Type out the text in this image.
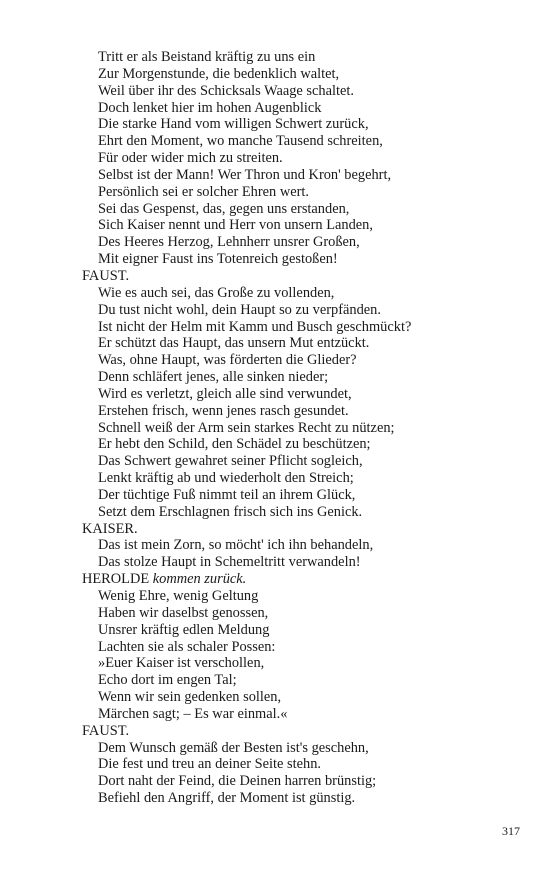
Tritt er als Beistand kräftig zu uns ein
Zur Morgenstunde, die bedenklich waltet,
Weil über ihr des Schicksals Waage schaltet.
Doch lenket hier im hohen Augenblick
Die starke Hand vom willigen Schwert zurück,
Ehrt den Moment, wo manche Tausend schreiten,
Für oder wider mich zu streiten.
Selbst ist der Mann! Wer Thron und Kron' begehrt,
Persönlich sei er solcher Ehren wert.
Sei das Gespenst, das, gegen uns erstanden,
Sich Kaiser nennt und Herr von unsern Landen,
Des Heeres Herzog, Lehnherr unsrer Großen,
Mit eigner Faust ins Totenreich gestoßen!
FAUST.
Wie es auch sei, das Große zu vollenden,
Du tust nicht wohl, dein Haupt so zu verpfänden.
Ist nicht der Helm mit Kamm und Busch geschmückt?
Er schützt das Haupt, das unsern Mut entzückt.
Was, ohne Haupt, was förderten die Glieder?
Denn schläfert jenes, alle sinken nieder;
Wird es verletzt, gleich alle sind verwundet,
Erstehen frisch, wenn jenes rasch gesundet.
Schnell weiß der Arm sein starkes Recht zu nützen;
Er hebt den Schild, den Schädel zu beschützen;
Das Schwert gewahret seiner Pflicht sogleich,
Lenkt kräftig ab und wiederholt den Streich;
Der tüchtige Fuß nimmt teil an ihrem Glück,
Setzt dem Erschlagnen frisch sich ins Genick.
KAISER.
Das ist mein Zorn, so möcht' ich ihn behandeln,
Das stolze Haupt in Schemeltritt verwandeln!
HEROLDE kommen zurück.
Wenig Ehre, wenig Geltung
Haben wir daselbst genossen,
Unsrer kräftig edlen Meldung
Lachten sie als schaler Possen:
»Euer Kaiser ist verschollen,
Echo dort im engen Tal;
Wenn wir sein gedenken sollen,
Märchen sagt; – Es war einmal.«
FAUST.
Dem Wunsch gemäß der Besten ist's geschehn,
Die fest und treu an deiner Seite stehn.
Dort naht der Feind, die Deinen harren brünstig;
Befiehl den Angriff, der Moment ist günstig.
317
